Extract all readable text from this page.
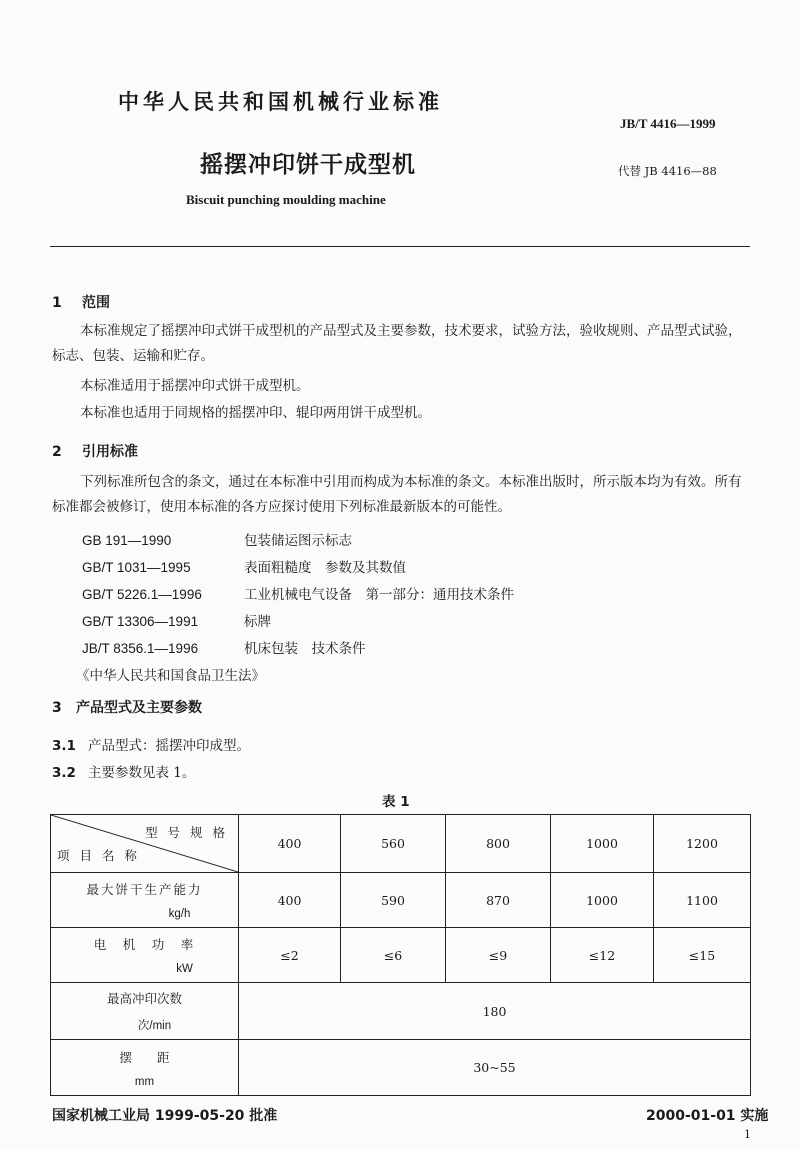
中华人民共和国机械行业标准
JB/T 4416—1999
摇摆冲印饼干成型机	代替 JB 4416—88
Biscuit punching moulding machine
1 范围
本标准规定了摇摆冲印式饼干成型机的产品型式及主要参数，技术要求，试验方法，验收规则、产品型式试验，标志、包装、运输和贮存。
本标准适用于摇摆冲印式饼干成型机。
本标准也适用于同规格的摇摆冲印、辊印两用饼干成型机。
2 引用标准
下列标准所包含的条文，通过在本标准中引用而构成为本标准的条文。本标准出版时，所示版本均为有效。所有标准都会被修订，使用本标准的各方应探讨使用下列标准最新版本的可能性。
GB 191—1990	包装储运图示标志
GB/T 1031—1995	表面粗糙度　参数及其数值
GB/T 5226.1—1996	工业机械电气设备　第一部分：通用技术条件
GB/T 13306—1991	标牌
JB/T 8356.1—1996	机床包装　技术条件
《中华人民共和国食品卫生法》
3 产品型式及主要参数
3.1 产品型式：摇摆冲印成型。
3.2 主要参数见表 1。
表 1
型 号 规 格
项 目 名 称	400	560	800	1000	1200

最大饼干生产能力
kg/h	400	590	870	1000	1100

电　机　功　率
kW	≤2	≤6	≤9	≤12	≤15

最高冲印次数
次/min	180				

摆　　距
mm	30~55				
国家机械工业局 1999-05-20 批准	2000-01-01 实施
1
